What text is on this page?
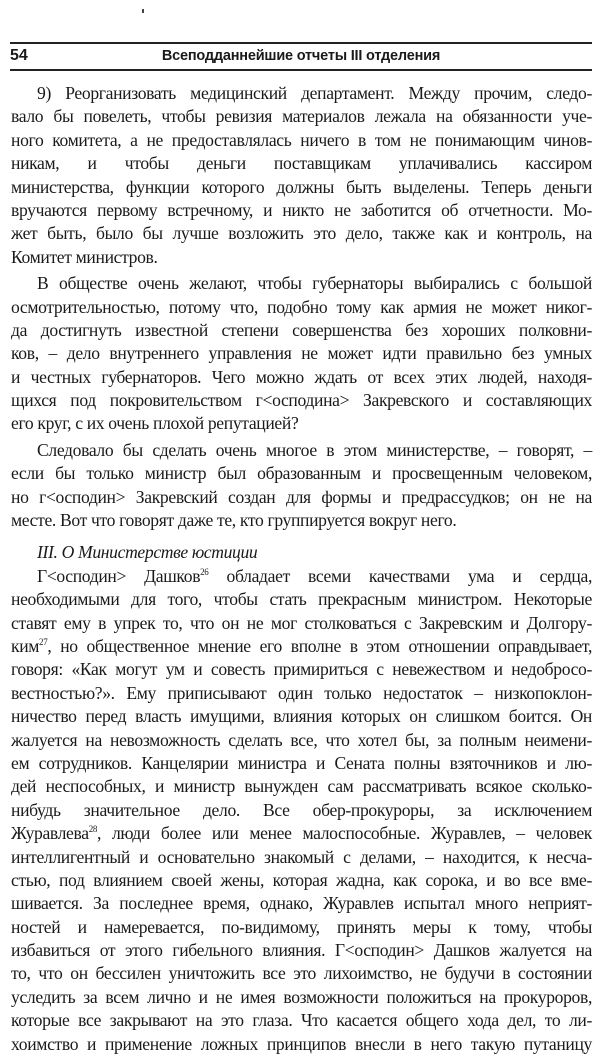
54	Всеподданнейшие отчеты III отделения
9) Реорганизовать медицинский департамент. Между прочим, следо-
вало бы повелеть, чтобы ревизия материалов лежала на обязанности уче-
ного комитета, а не предоставлялась ничего в том не понимающим чинов-
никам, и чтобы деньги поставщикам уплачивались кассиром
министерства, функции которого должны быть выделены. Теперь деньги
вручаются первому встречному, и никто не заботится об отчетности. Мо-
жет быть, было бы лучше возложить это дело, также как и контроль, на
Комитет министров.
В обществе очень желают, чтобы губернаторы выбирались с большой
осмотрительностью, потому что, подобно тому как армия не может никог-
да достигнуть известной степени совершенства без хороших полковни-
ков, – дело внутреннего управления не может идти правильно без умных
и честных губернаторов. Чего можно ждать от всех этих людей, находя-
щихся под покровительством г<осподина> Закревского и составляющих
его круг, с их очень плохой репутацией?
Следовало бы сделать очень многое в этом министерстве, – говорят, –
если бы только министр был образованным и просвещенным человеком,
но г<осподин> Закревский создан для формы и предрассудков; он не на
месте. Вот что говорят даже те, кто группируется вокруг него.
III. О Министерстве юстиции
Г<осподин> Дашков$^{26}$ обладает всеми качествами ума и сердца,
необходимыми для того, чтобы стать прекрасным министром. Некоторые
ставят ему в упрек то, что он не мог столковаться с Закревским и Долгору-
ким$^{27}$, но общественное мнение его вполне в этом отношении оправдывает,
говоря: «Как могут ум и совесть примириться с невежеством и недобросо-
вестностью?». Ему приписывают один только недостаток – низкопоклон-
ничество перед власть имущими, влияния которых он слишком боится. Он
жалуется на невозможность сделать все, что хотел бы, за полным неимени-
ем сотрудников. Канцелярии министра и Сената полны взяточников и лю-
дей неспособных, и министр вынужден сам рассматривать всякое сколько-
нибудь значительное дело. Все обер-прокуроры, за исключением
Журавлева$^{28}$, люди более или менее малоспособные. Журавлев, – человек
интеллигентный и основательно знакомый с делами, – находится, к несча-
стью, под влиянием своей жены, которая жадна, как сорока, и во все вме-
шивается. За последнее время, однако, Журавлев испытал много неприят-
ностей и намеревается, по-видимому, принять меры к тому, чтобы
избавиться от этого гибельного влияния. Г<осподин> Дашков жалуется на
то, что он бессилен уничтожить все это лихоимство, не будучи в состоянии
уследить за всем лично и не имея возможности положиться на прокуроров,
которые все закрывают на это глаза. Что касается общего хода дел, то ли-
хоимство и применение ложных принципов внесли в него такую путаницу
